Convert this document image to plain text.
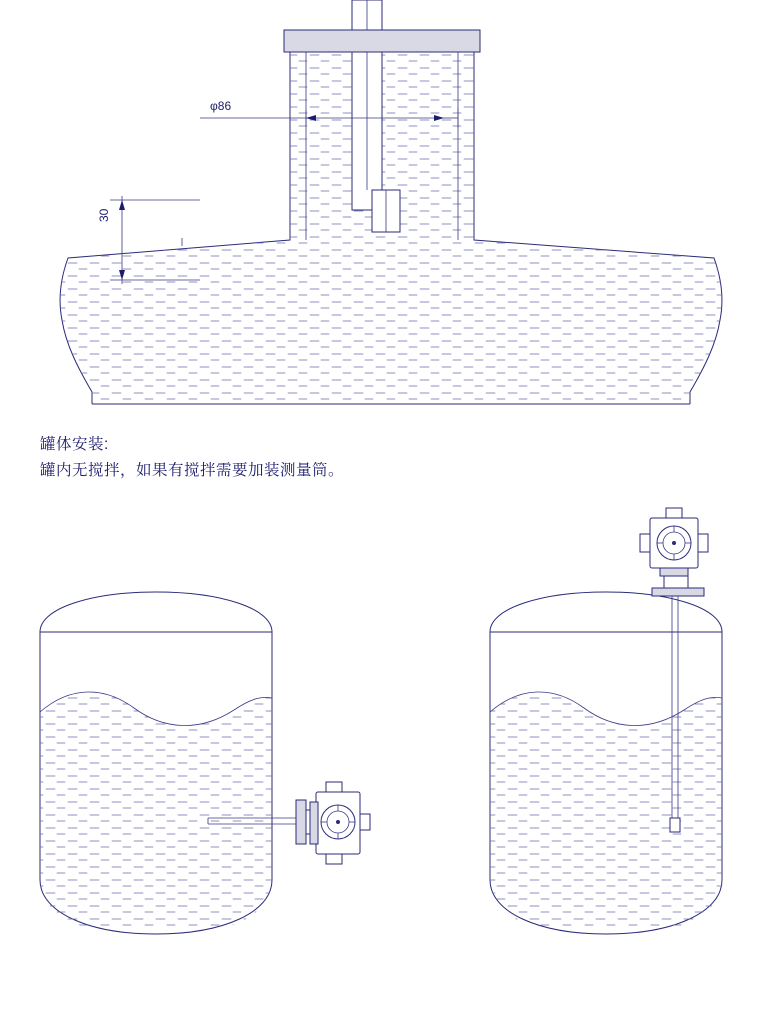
φ86
30
罐体安装:
罐内无搅拌，如果有搅拌需要加装测量筒。
